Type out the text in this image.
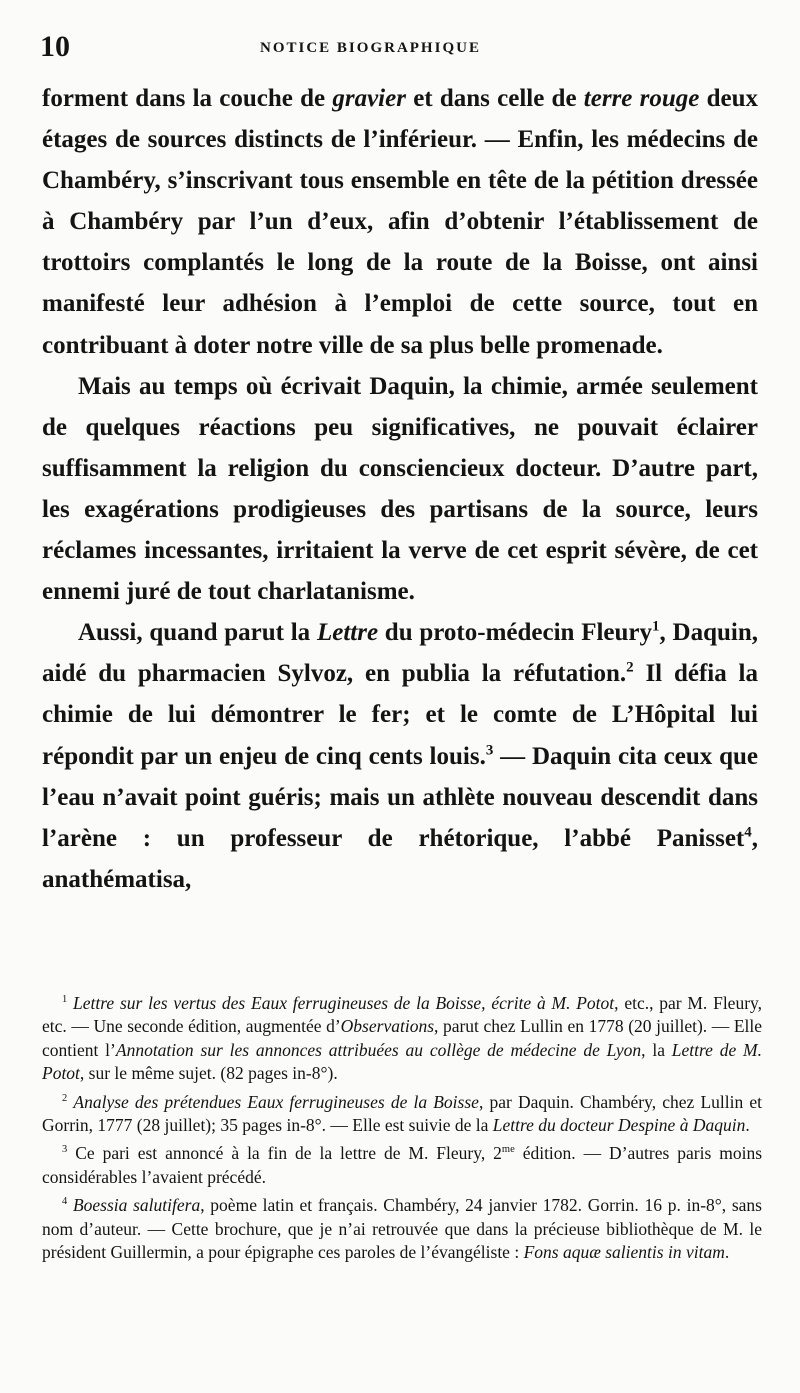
10	NOTICE BIOGRAPHIQUE

forment dans la couche de gravier et dans celle de terre rouge deux étages de sources distincts de l’inférieur. — Enfin, les médecins de Chambéry, s’inscrivant tous ensemble en tête de la pétition dressée à Chambéry par l’un d’eux, afin d’obtenir l’établissement de trottoirs complantés le long de la route de la Boisse, ont ainsi manifesté leur adhésion à l’emploi de cette source, tout en contribuant à doter notre ville de sa plus belle promenade.

Mais au temps où écrivait Daquin, la chimie, armée seulement de quelques réactions peu significatives, ne pouvait éclairer suffisamment la religion du consciencieux docteur. D’autre part, les exagérations prodigieuses des partisans de la source, leurs réclames incessantes, irritaient la verve de cet esprit sévère, de cet ennemi juré de tout charlatanisme.

Aussi, quand parut la Lettre du proto-médecin Fleury$^1$, Daquin, aidé du pharmacien Sylvoz, en publia la réfutation.$^2$ Il défia la chimie de lui démontrer le fer; et le comte de L’Hôpital lui répondit par un enjeu de cinq cents louis.$^3$ — Daquin cita ceux que l’eau n’avait point guéris; mais un athlète nouveau descendit dans l’arène : un professeur de rhétorique, l’abbé Panisset$^4$, anathématisa,

$^1$ Lettre sur les vertus des Eaux ferrugineuses de la Boisse, écrite à M. Potot, etc., par M. Fleury, etc. — Une seconde édition, augmentée d’Observations, parut chez Lullin en 1778 (20 juillet). — Elle contient l’Annotation sur les annonces attribuées au collège de médecine de Lyon, la Lettre de M. Potot, sur le même sujet. (82 pages in-8°).

$^2$ Analyse des prétendues Eaux ferrugineuses de la Boisse, par Daquin. Chambéry, chez Lullin et Gorrin, 1777 (28 juillet); 35 pages in-8°. — Elle est suivie de la Lettre du docteur Despine à Daquin.

$^3$ Ce pari est annoncé à la fin de la lettre de M. Fleury, $2^{me}$ édition. — D’autres paris moins considérables l’avaient précédé.

$^4$ Boessia salutifera, poème latin et français. Chambéry, 24 janvier 1782. Gorrin. 16 p. in-8°, sans nom d’auteur. — Cette brochure, que je n’ai retrouvée que dans la précieuse bibliothèque de M. le président Guillermin, a pour épigraphe ces paroles de l’évangéliste : Fons aquæ salientis in vitam.
